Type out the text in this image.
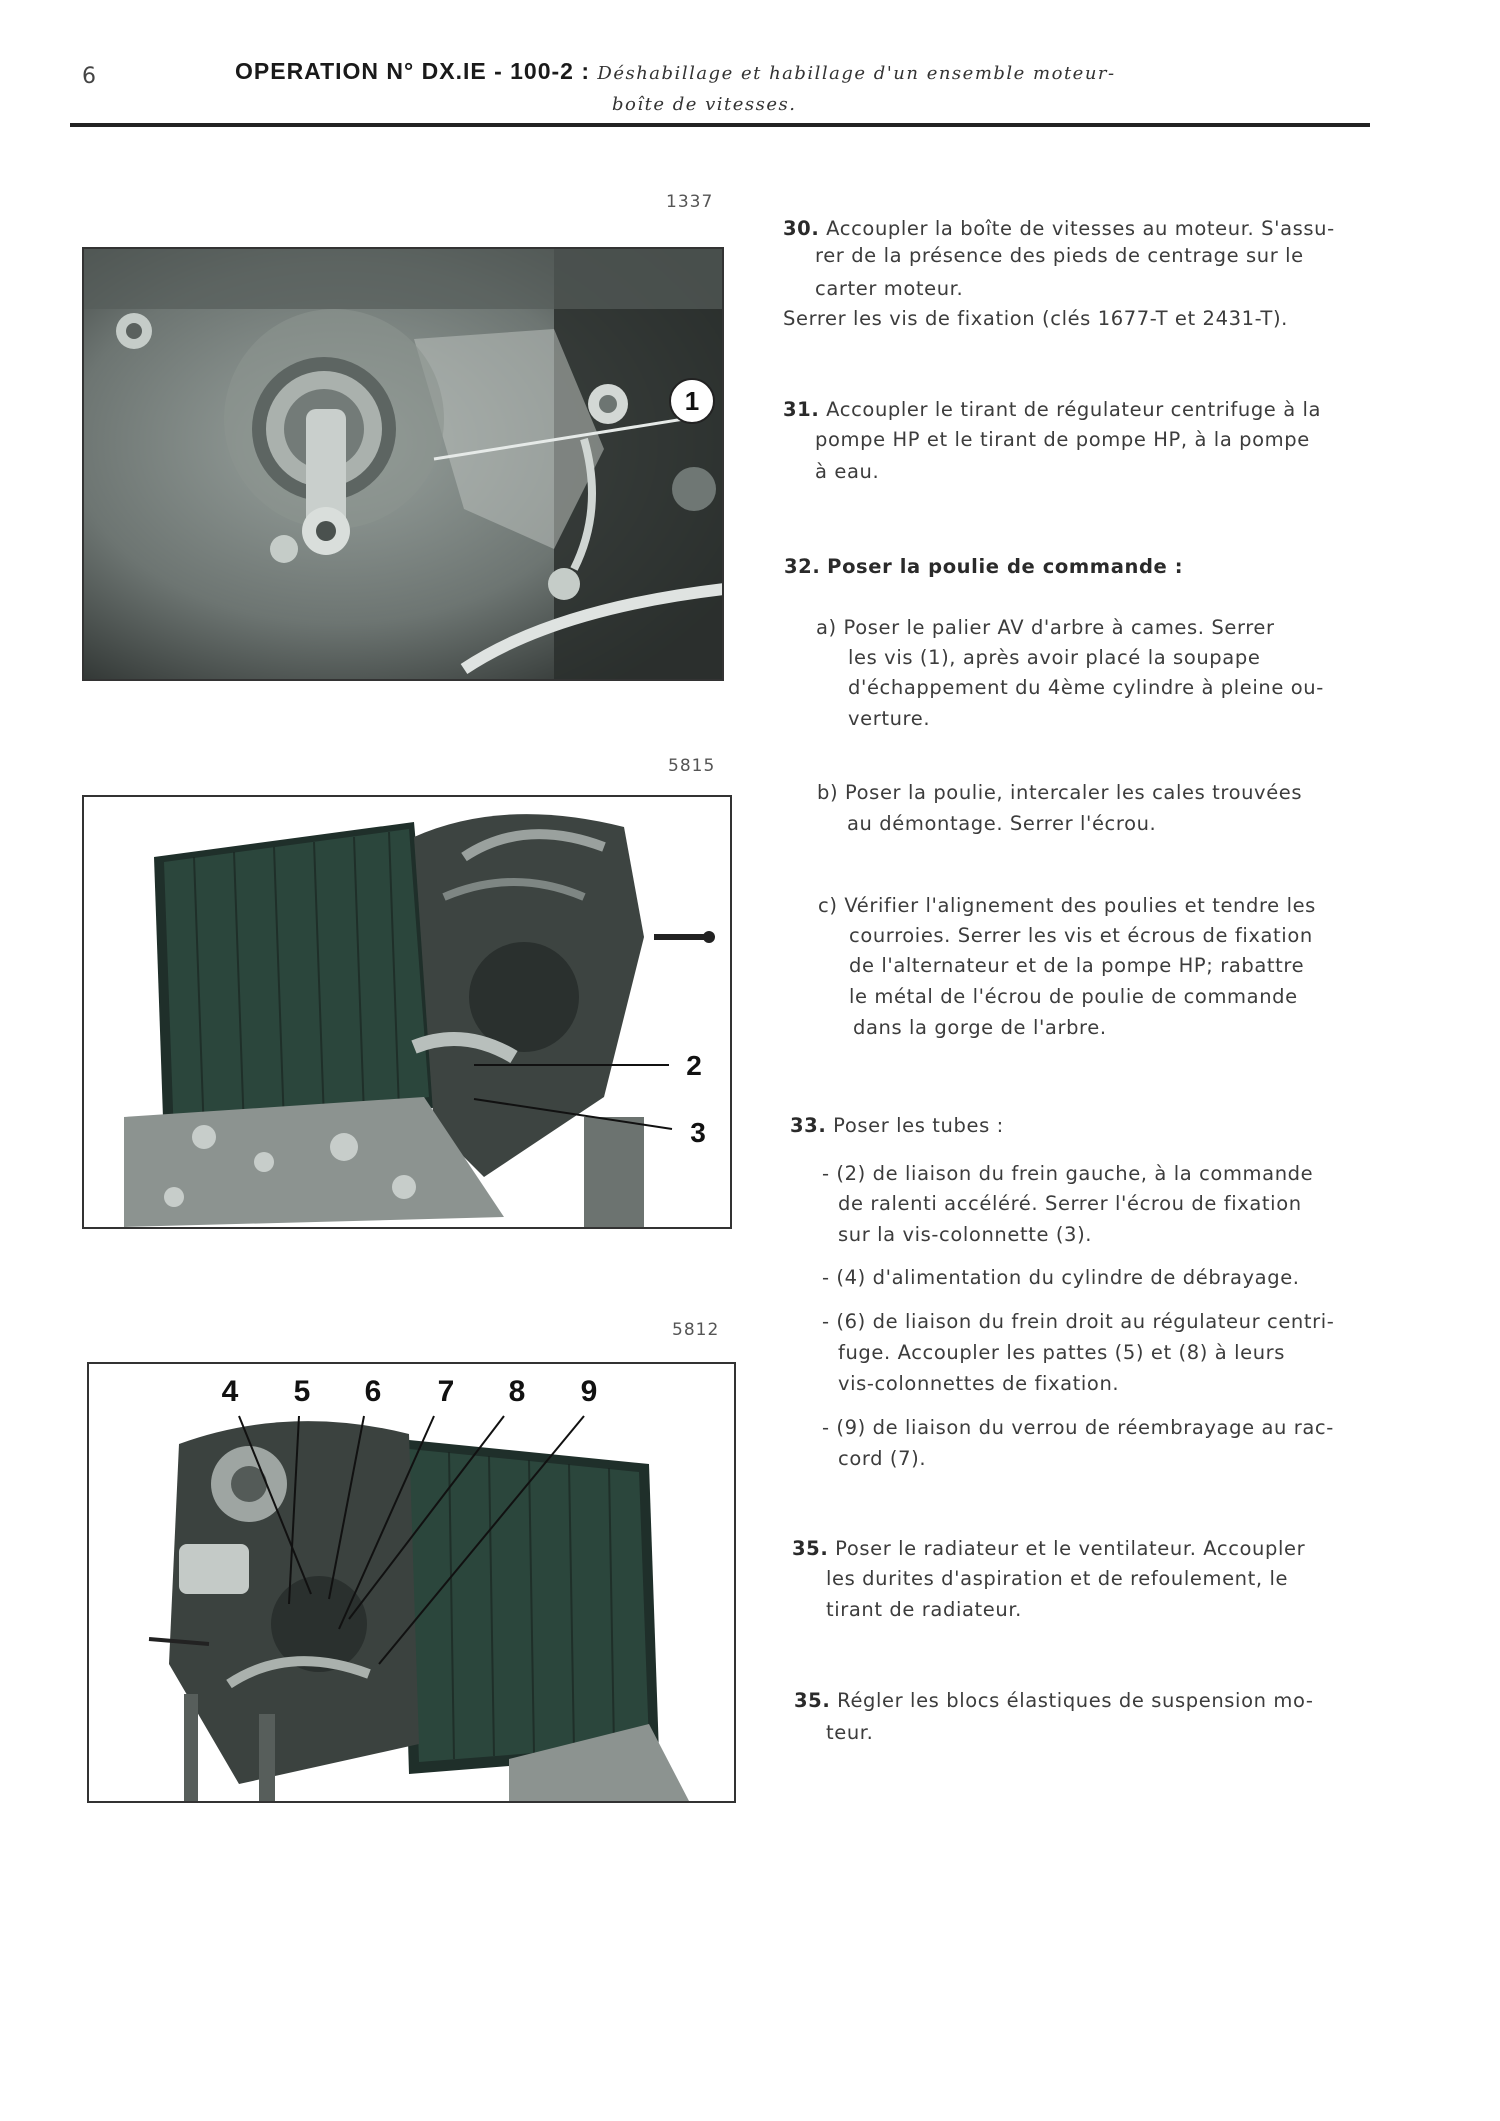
6	OPERATION N° DX.IE - 100-2 : Déshabillage et habillage d'un ensemble moteur-
boîte de vitesses.
1337
1
5815
2
3
5812
4 5 6 7 8 9
30. Accoupler la boîte de vitesses au moteur. S'assu-
rer de la présence des pieds de centrage sur le
carter moteur.
Serrer les vis de fixation (clés 1677-T et 2431-T).
31. Accoupler le tirant de régulateur centrifuge à la
pompe HP et le tirant de pompe HP, à la pompe
à eau.
32. Poser la poulie de commande :
a) Poser le palier AV d'arbre à cames. Serrer
les vis (1), après avoir placé la soupape
d'échappement du 4ème cylindre à pleine ou-
verture.
b) Poser la poulie, intercaler les cales trouvées
au démontage. Serrer l'écrou.
c) Vérifier l'alignement des poulies et tendre les
courroies. Serrer les vis et écrous de fixation
de l'alternateur et de la pompe HP; rabattre
le métal de l'écrou de poulie de commande
dans la gorge de l'arbre.
33. Poser les tubes :
- (2) de liaison du frein gauche, à la commande
de ralenti accéléré. Serrer l'écrou de fixation
sur la vis-colonnette (3).
- (4) d'alimentation du cylindre de débrayage.
- (6) de liaison du frein droit au régulateur centri-
fuge. Accoupler les pattes (5) et (8) à leurs
vis-colonnettes de fixation.
- (9) de liaison du verrou de réembrayage au rac-
cord (7).
35. Poser le radiateur et le ventilateur. Accoupler
les durites d'aspiration et de refoulement, le
tirant de radiateur.
35. Régler les blocs élastiques de suspension mo-
teur.
